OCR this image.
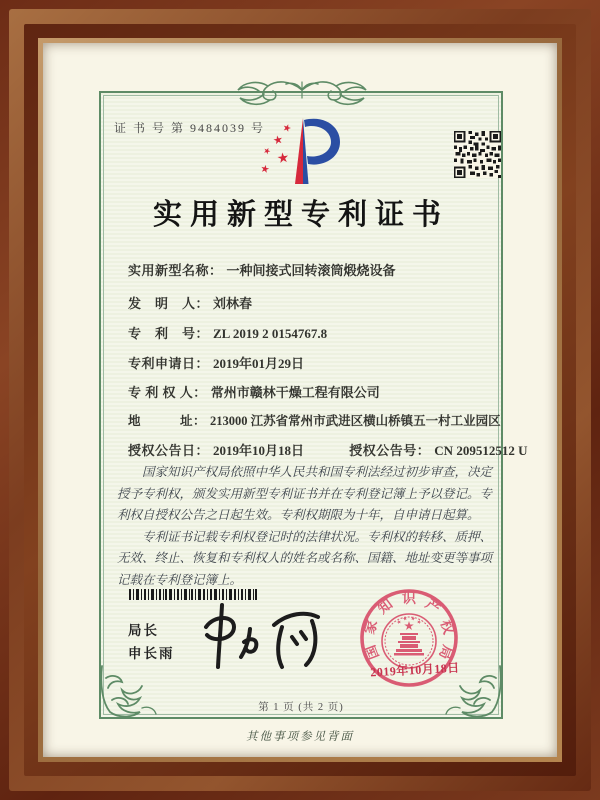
证 书 号 第 9484039 号
实用新型专利证书
实用新型名称： 一种间接式回转滚筒煅烧设备
发　明　人： 刘林春
专　利　号： ZL 2019 2 0154767.8
专利申请日： 2019年01月29日
专 利 权 人： 常州市赣林干燥工程有限公司
地　　　址： 213000 江苏省常州市武进区横山桥镇五一村工业园区
授权公告日： 2019年10月18日	授权公告号： CN 209512512 U

国家知识产权局依照中华人民共和国专利法经过初步审查，决定授予专利权，颁发实用新型专利证书并在专利登记簿上予以登记。专利权自授权公告之日起生效。专利权期限为十年，自申请日起算。

专利证书记载专利权登记时的法律状况。专利权的转移、质押、无效、终止、恢复和专利权人的姓名或名称、国籍、地址变更等事项记载在专利登记簿上。

局长
申长雨	国
家
知 识 产
权
局
2019年10月18日
第 1 页 (共 2 页)
其他事项参见背面
